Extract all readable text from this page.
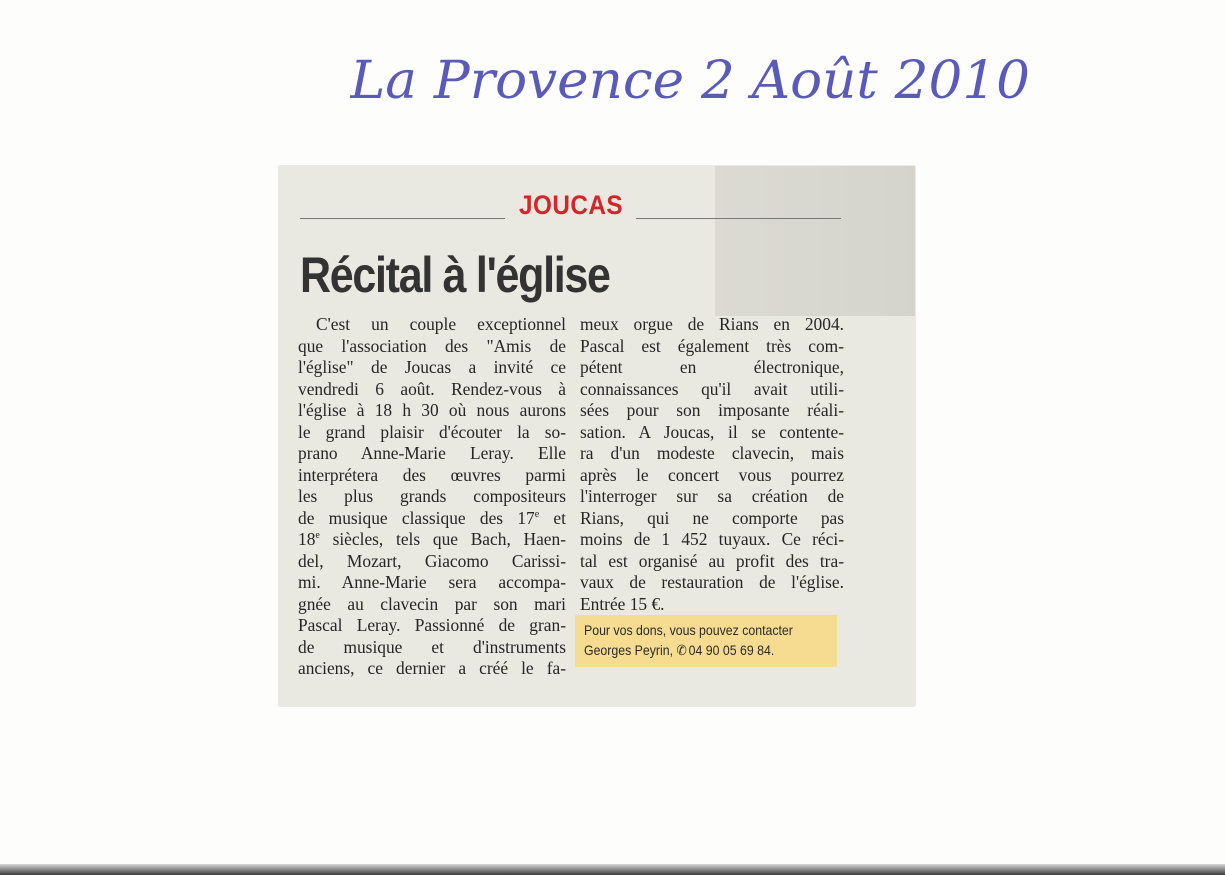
La Provence 2 Août 2010
JOUCAS
Récital à l'église
C'est un couple exceptionnel
que l'association des "Amis de
l'église" de Joucas a invité ce
vendredi 6 août. Rendez-vous à
l'église à 18 h 30 où nous aurons
le grand plaisir d'écouter la so-
prano Anne-Marie Leray. Elle
interprétera des œuvres parmi
les plus grands compositeurs
de musique classique des 17e et
18e siècles, tels que Bach, Haen-
del, Mozart, Giacomo Carissi-
mi. Anne-Marie sera accompa-
gnée au clavecin par son mari
Pascal Leray. Passionné de gran-
de musique et d'instruments
anciens, ce dernier a créé le fa-
meux orgue de Rians en 2004.
Pascal est également très com-
pétent en électronique,
connaissances qu'il avait utili-
sées pour son imposante réali-
sation. A Joucas, il se contente-
ra d'un modeste clavecin, mais
après le concert vous pourrez
l'interroger sur sa création de
Rians, qui ne comporte pas
moins de 1 452 tuyaux. Ce réci-
tal est organisé au profit des tra-
vaux de restauration de l'église.
Entrée 15 €.
Pour vos dons, vous pouvez contacter
Georges Peyrin, ✆ 04 90 05 69 84.
